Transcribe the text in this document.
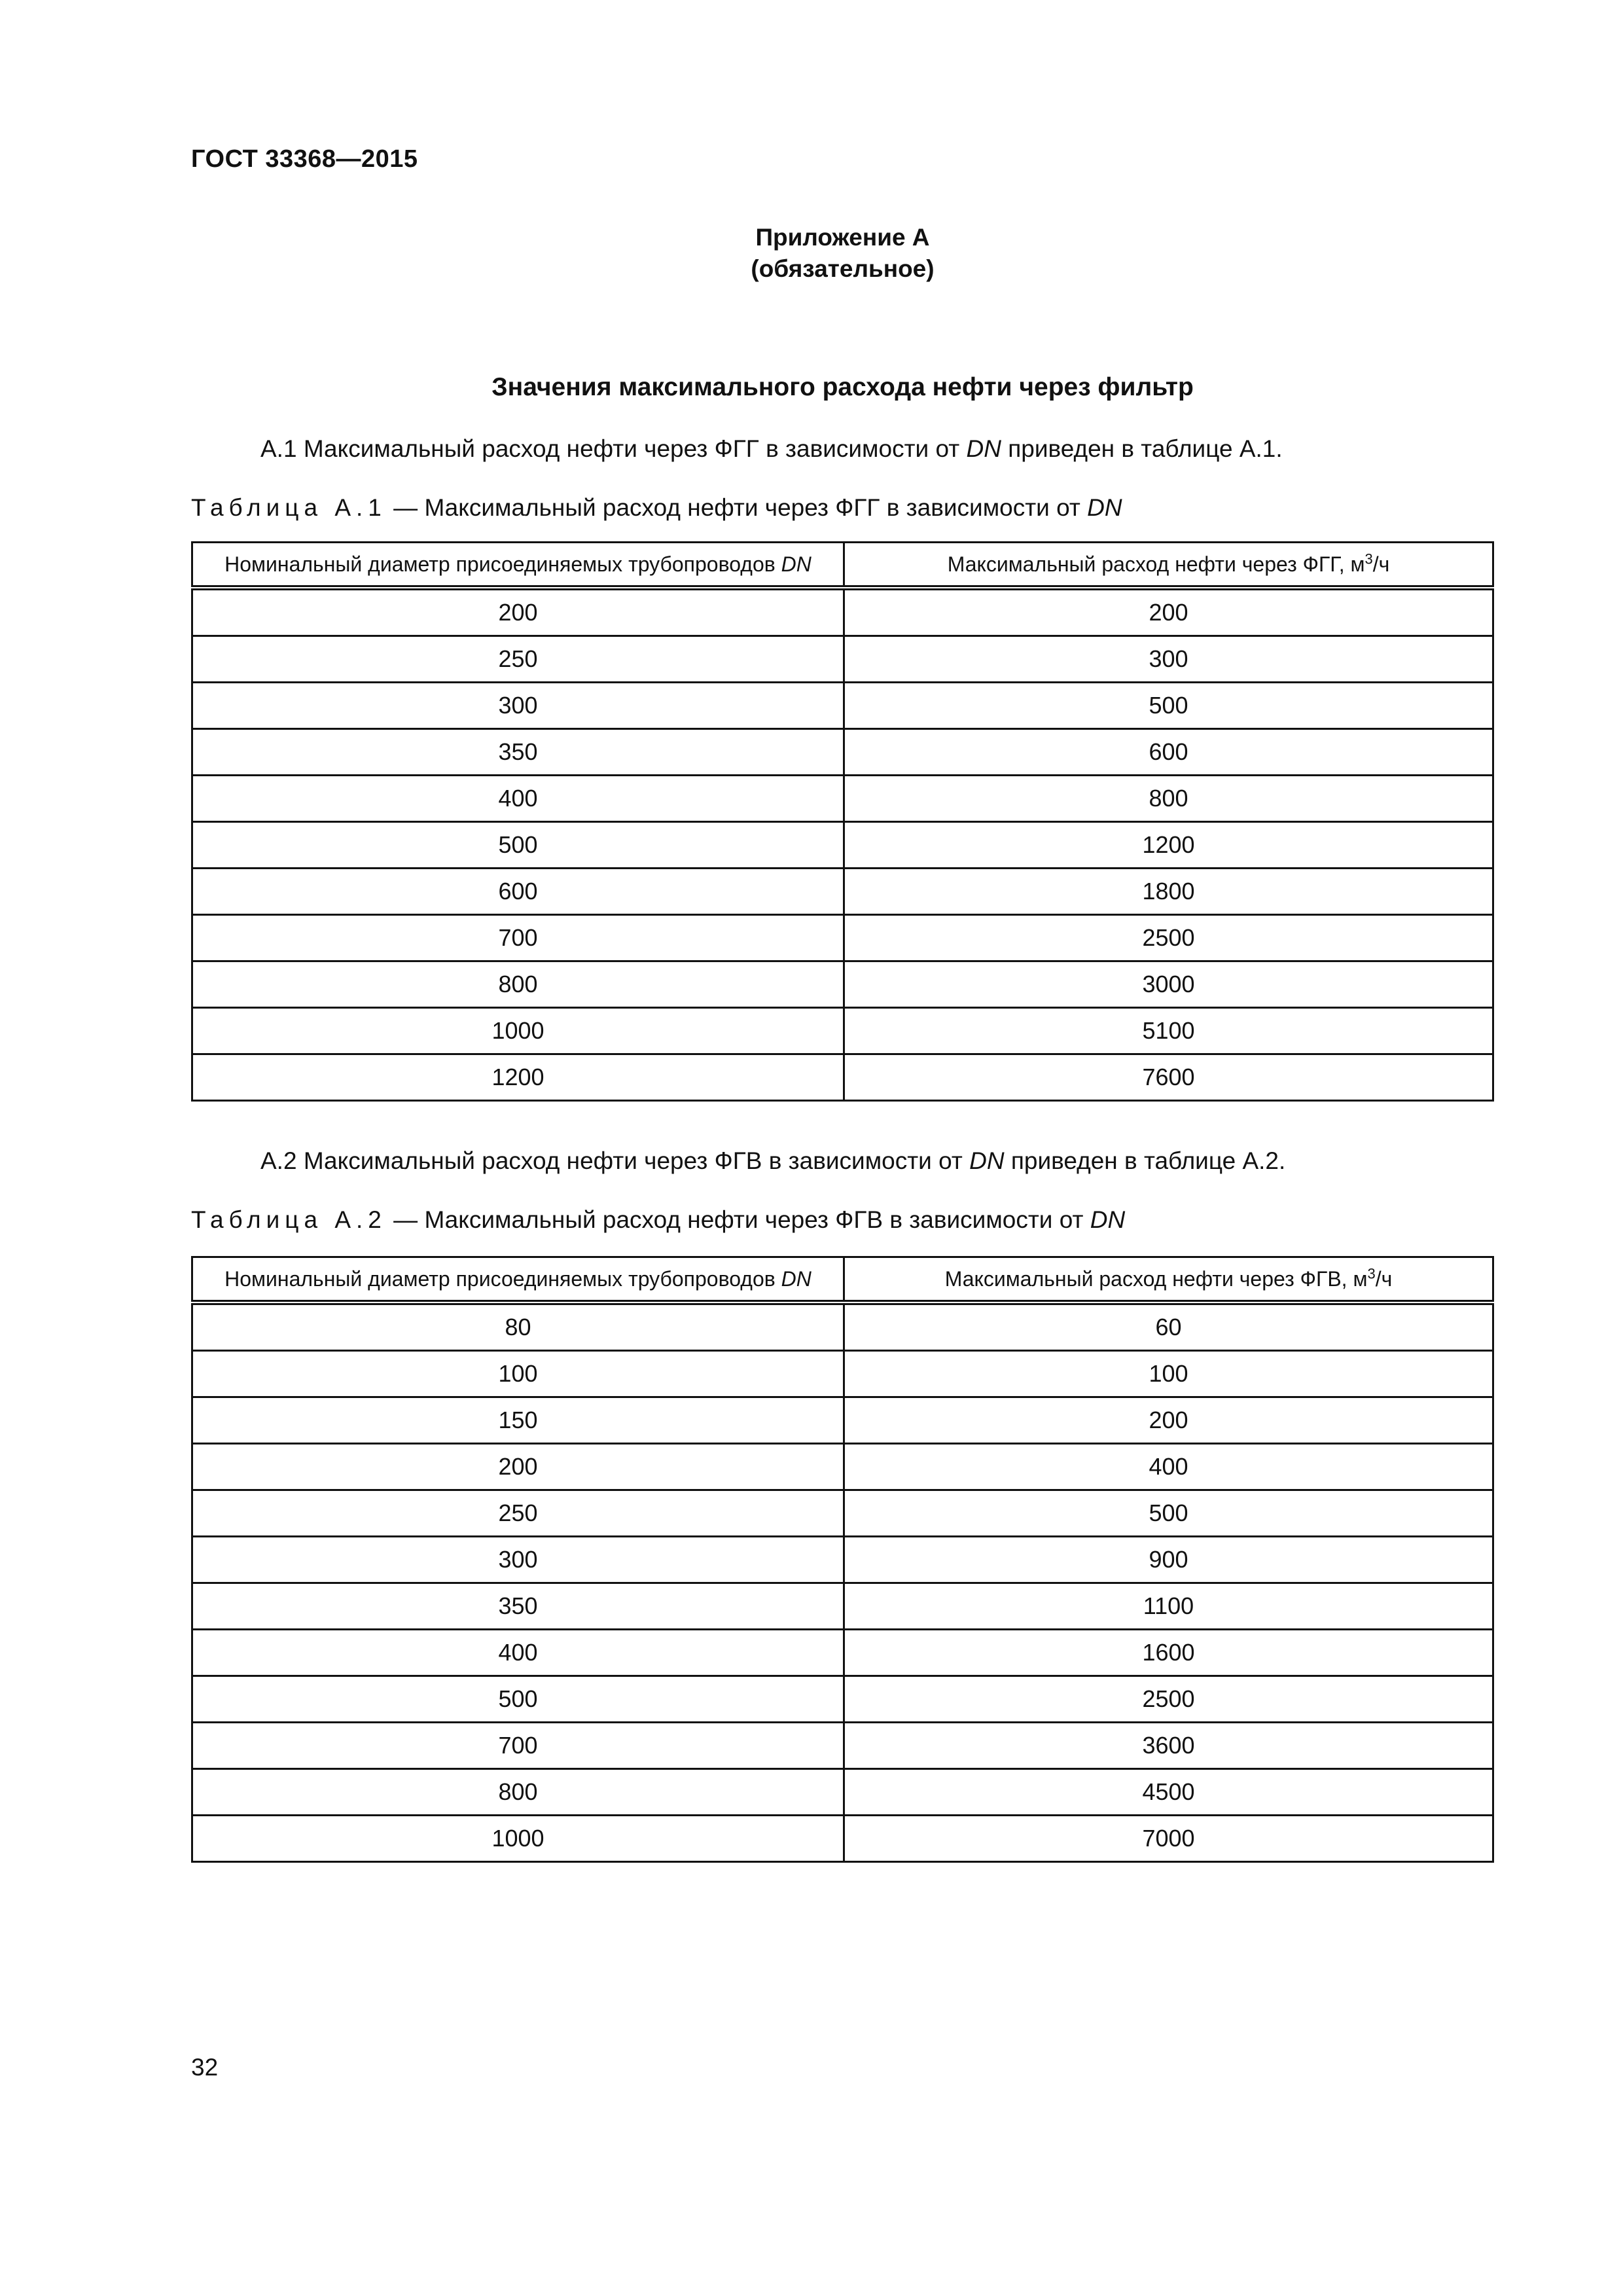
ГОСТ 33368—2015
Приложение А
(обязательное)
Значения максимального расхода нефти через фильтр
А.1 Максимальный расход нефти через ФГГ в зависимости от DN приведен в таблице А.1.
Таблица А.1 — Максимальный расход нефти через ФГГ в зависимости от DN
Номинальный диаметр присоединяемых трубопроводов DN	Максимальный расход нефти через ФГГ, $м^3/ч$
200	200
250	300
300	500
350	600
400	800
500	1200
600	1800
700	2500
800	3000
1000	5100
1200	7600
А.2 Максимальный расход нефти через ФГВ в зависимости от DN приведен в таблице А.2.
Таблица А.2 — Максимальный расход нефти через ФГВ в зависимости от DN
Номинальный диаметр присоединяемых трубопроводов DN	Максимальный расход нефти через ФГВ, $м^3/ч$
80	60
100	100
150	200
200	400
250	500
300	900
350	1100
400	1600
500	2500
700	3600
800	4500
1000	7000
32
